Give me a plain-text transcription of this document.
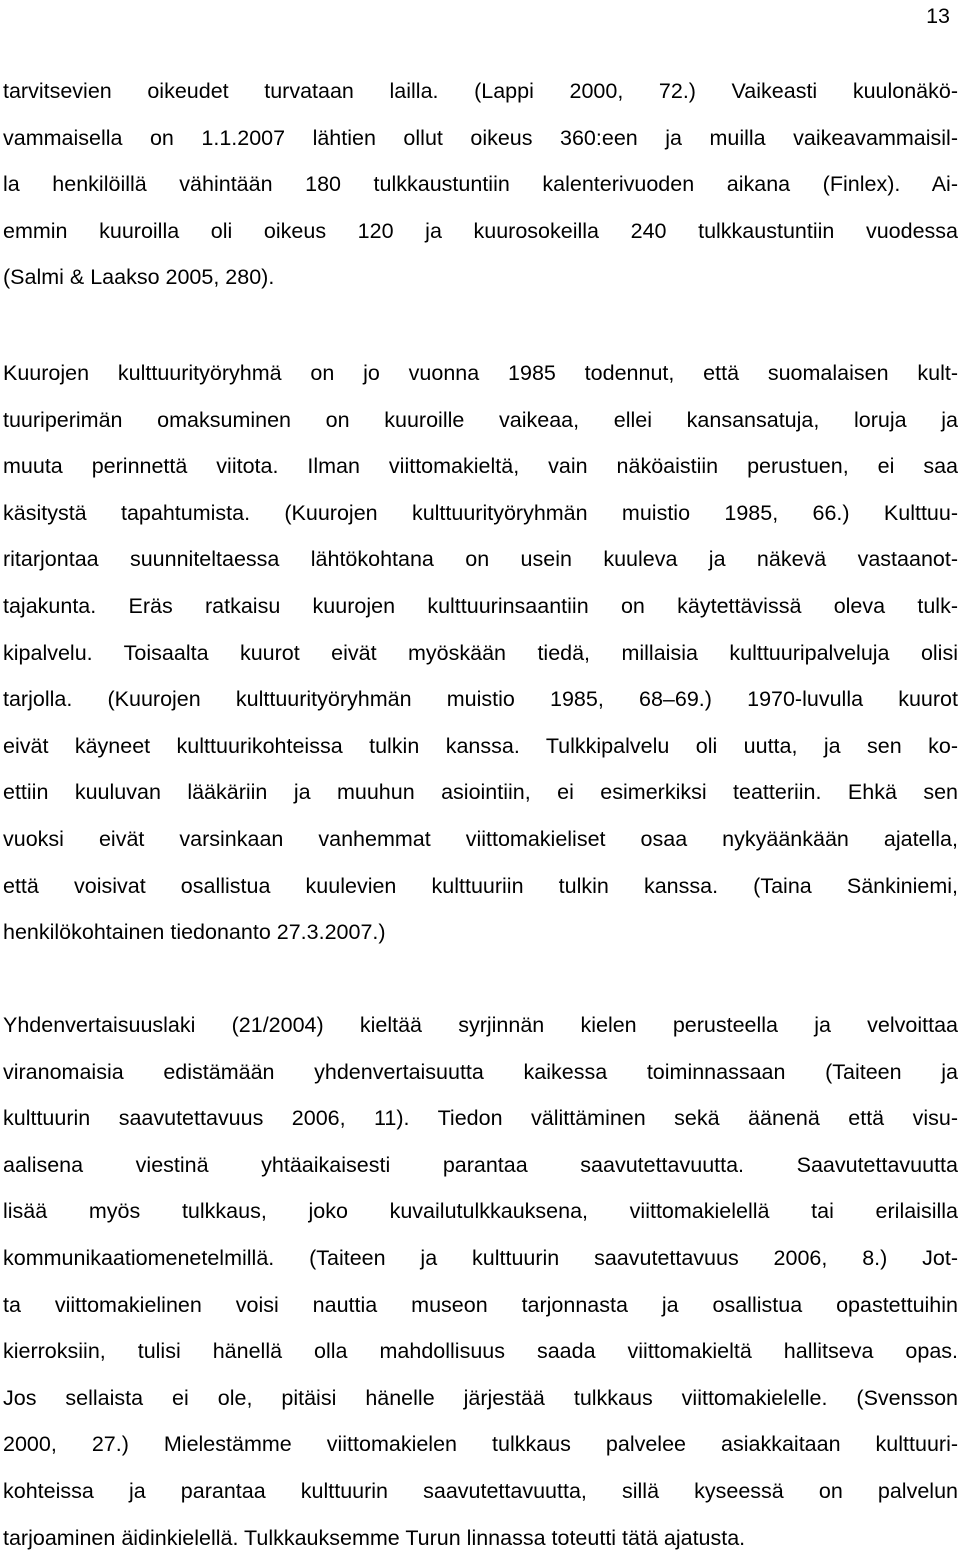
13
tarvitsevien oikeudet turvataan lailla. (Lappi 2000, 72.) Vaikeasti kuulonäkö-
vammaisella on 1.1.2007 lähtien ollut oikeus 360:een ja muilla vaikeavammaisil-
la henkilöillä vähintään 180 tulkkaustuntiin kalenterivuoden aikana (Finlex). Ai-
emmin kuuroilla oli oikeus 120 ja kuurosokeilla 240 tulkkaustuntiin vuodessa
(Salmi & Laakso 2005, 280).
Kuurojen kulttuurityöryhmä on jo vuonna 1985 todennut, että suomalaisen kult-
tuuriperimän omaksuminen on kuuroille vaikeaa, ellei kansansatuja, loruja ja
muuta perinnettä viitota. Ilman viittomakieltä, vain näköaistiin perustuen, ei saa
käsitystä tapahtumista. (Kuurojen kulttuurityöryhmän muistio 1985, 66.) Kulttuu-
ritarjontaa suunniteltaessa lähtökohtana on usein kuuleva ja näkevä vastaanot-
tajakunta. Eräs ratkaisu kuurojen kulttuurinsaantiin on käytettävissä oleva tulk-
kipalvelu. Toisaalta kuurot eivät myöskään tiedä, millaisia kulttuuripalveluja olisi
tarjolla. (Kuurojen kulttuurityöryhmän muistio 1985, 68–69.) 1970-luvulla kuurot
eivät käyneet kulttuurikohteissa tulkin kanssa. Tulkkipalvelu oli uutta, ja sen ko-
ettiin kuuluvan lääkäriin ja muuhun asiointiin, ei esimerkiksi teatteriin. Ehkä sen
vuoksi eivät varsinkaan vanhemmat viittomakieliset osaa nykyäänkään ajatella,
että voisivat osallistua kuulevien kulttuuriin tulkin kanssa. (Taina Sänkiniemi,
henkilökohtainen tiedonanto 27.3.2007.)
Yhdenvertaisuuslaki (21/2004) kieltää syrjinnän kielen perusteella ja velvoittaa
viranomaisia edistämään yhdenvertaisuutta kaikessa toiminnassaan (Taiteen ja
kulttuurin saavutettavuus 2006, 11). Tiedon välittäminen sekä äänenä että visu-
aalisena viestinä yhtäaikaisesti parantaa saavutettavuutta. Saavutettavuutta
lisää myös tulkkaus, joko kuvailutulkkauksena, viittomakielellä tai erilaisilla
kommunikaatiomenetelmillä. (Taiteen ja kulttuurin saavutettavuus 2006, 8.) Jot-
ta viittomakielinen voisi nauttia museon tarjonnasta ja osallistua opastettuihin
kierroksiin, tulisi hänellä olla mahdollisuus saada viittomakieltä hallitseva opas.
Jos sellaista ei ole, pitäisi hänelle järjestää tulkkaus viittomakielelle. (Svensson
2000, 27.) Mielestämme viittomakielen tulkkaus palvelee asiakkaitaan kulttuuri-
kohteissa ja parantaa kulttuurin saavutettavuutta, sillä kyseessä on palvelun
tarjoaminen äidinkielellä. Tulkkauksemme Turun linnassa toteutti tätä ajatusta.
